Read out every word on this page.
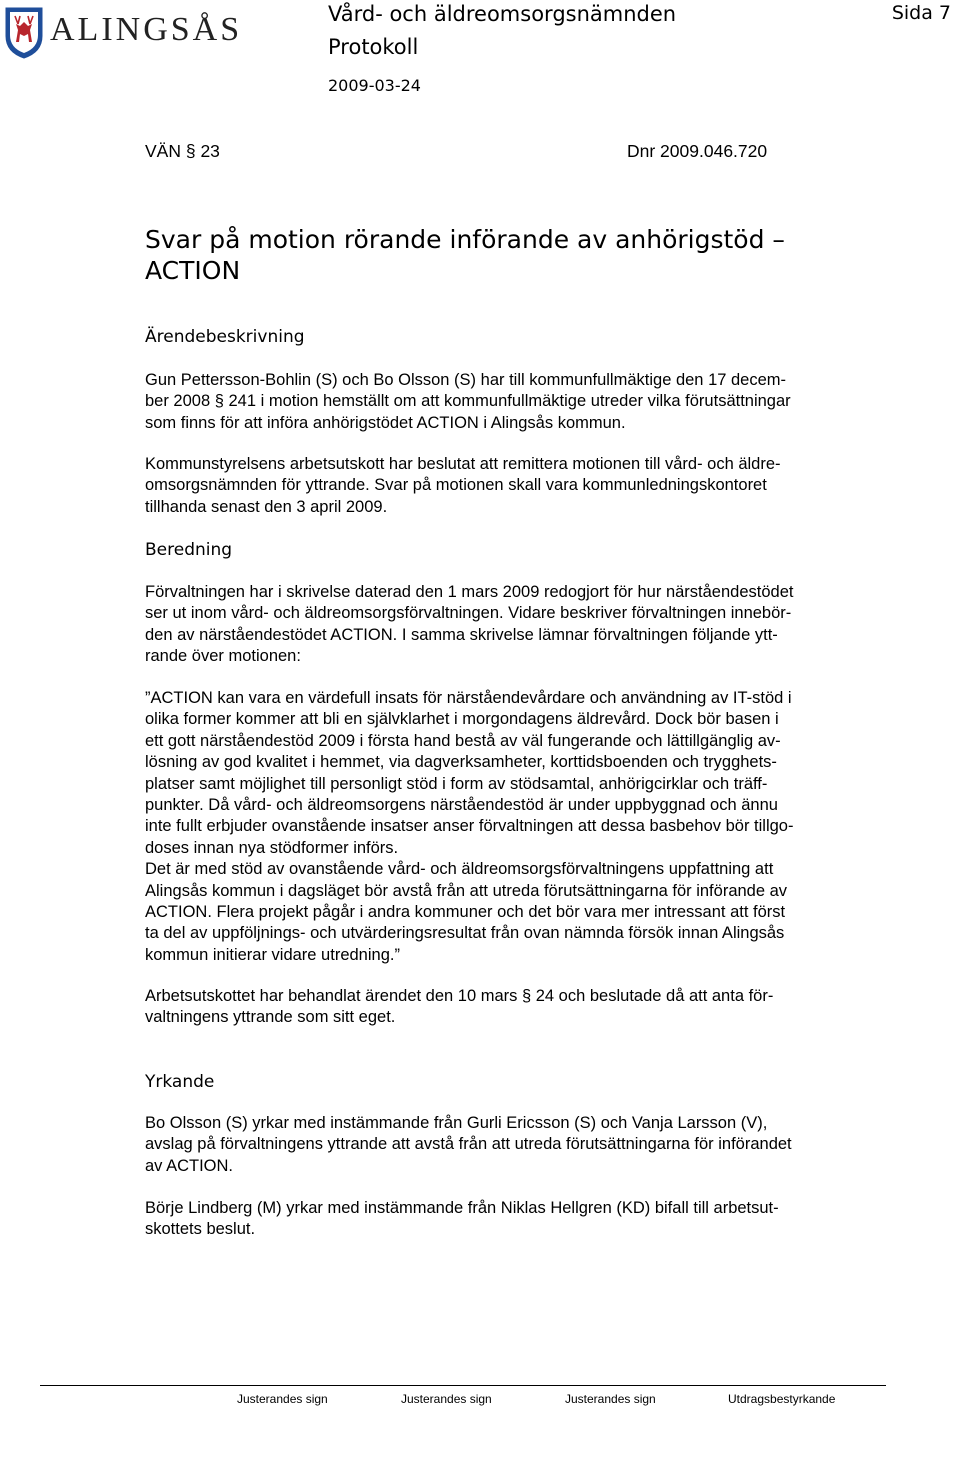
ALINGSÅS	Vård- och äldreomsorgsnämnden
Protokoll
2009-03-24
Sida 7
VÄN § 23	Dnr 2009.046.720
Svar på motion rörande införande av anhörigstöd –
ACTION
Ärendebeskrivning
Gun Pettersson-Bohlin (S) och Bo Olsson (S) har till kommunfullmäktige den 17 decem-
ber 2008 § 241 i motion hemställt om att kommunfullmäktige utreder vilka förutsättningar
som finns för att införa anhörigstödet ACTION i Alingsås kommun.
Kommunstyrelsens arbetsutskott har beslutat att remittera motionen till vård- och äldre-
omsorgsnämnden för yttrande. Svar på motionen skall vara kommunledningskontoret
tillhanda senast den 3 april 2009.
Beredning
Förvaltningen har i skrivelse daterad den 1 mars 2009 redogjort för hur närståendestödet
ser ut inom vård- och äldreomsorgsförvaltningen. Vidare beskriver förvaltningen innebör-
den av närståendestödet ACTION. I samma skrivelse lämnar förvaltningen följande ytt-
rande över motionen:
”ACTION kan vara en värdefull insats för närståendevårdare och användning av IT-stöd i
olika former kommer att bli en självklarhet i morgondagens äldrevård. Dock bör basen i
ett gott närståendestöd 2009 i första hand bestå av väl fungerande och lättillgänglig av-
lösning av god kvalitet i hemmet, via dagverksamheter, korttidsboenden och trygghets-
platser samt möjlighet till personligt stöd i form av stödsamtal, anhörigcirklar och träff-
punkter. Då vård- och äldreomsorgens närståendestöd är under uppbyggnad och ännu
inte fullt erbjuder ovanstående insatser anser förvaltningen att dessa basbehov bör tillgo-
doses innan nya stödformer införs.
Det är med stöd av ovanstående vård- och äldreomsorgsförvaltningens uppfattning att
Alingsås kommun i dagsläget bör avstå från att utreda förutsättningarna för införande av
ACTION. Flera projekt pågår i andra kommuner och det bör vara mer intressant att först
ta del av uppföljnings- och utvärderingsresultat från ovan nämnda försök innan Alingsås
kommun initierar vidare utredning.”
Arbetsutskottet har behandlat ärendet den 10 mars § 24 och beslutade då att anta för-
valtningens yttrande som sitt eget.
Yrkande
Bo Olsson (S) yrkar med instämmande från Gurli Ericsson (S) och Vanja Larsson (V),
avslag på förvaltningens yttrande att avstå från att utreda förutsättningarna för införandet
av ACTION.
Börje Lindberg (M) yrkar med instämmande från Niklas Hellgren (KD) bifall till arbetsut-
skottets beslut.
Justerandes sign	Justerandes sign	Justerandes sign	Utdragsbestyrkande
